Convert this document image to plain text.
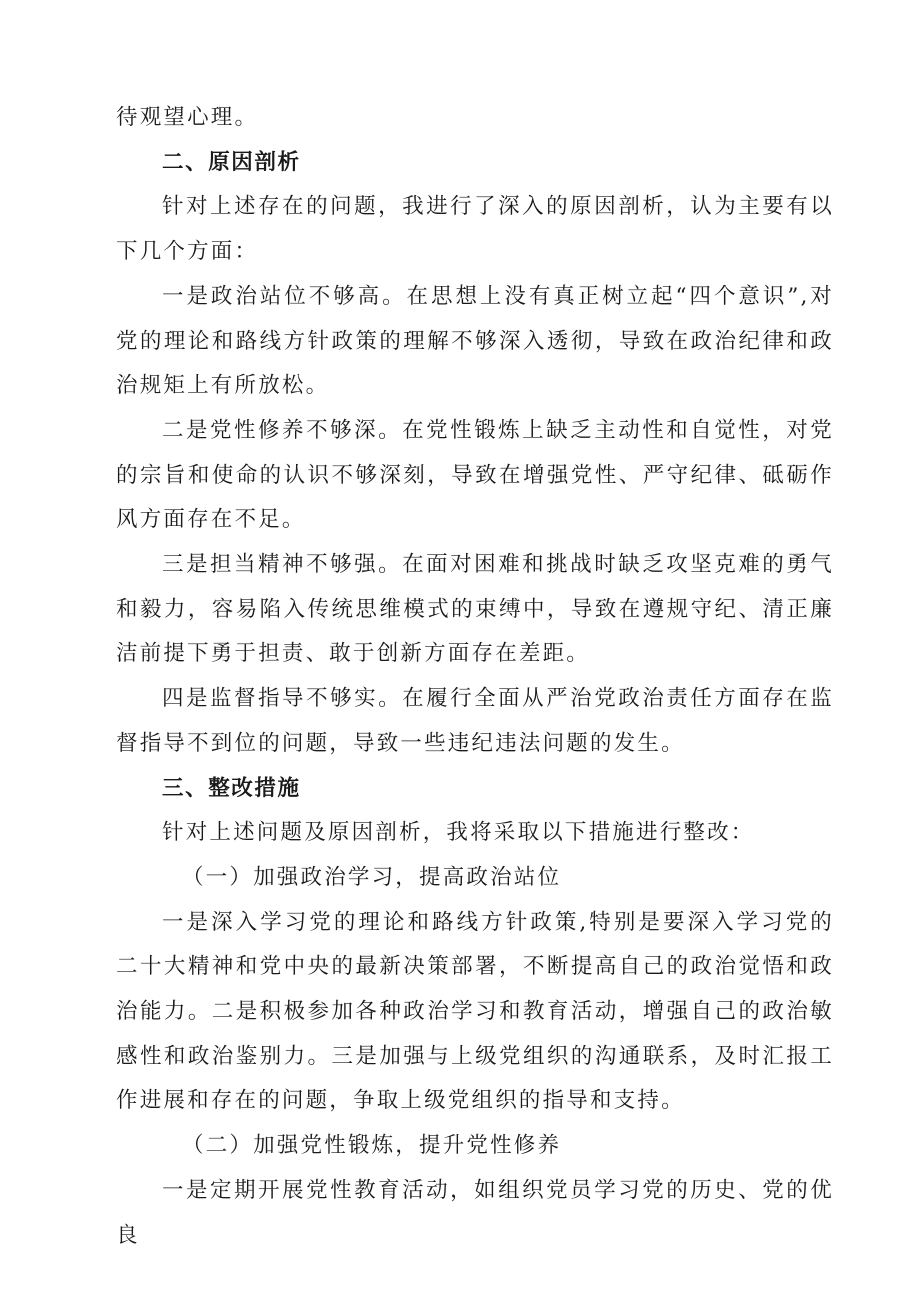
待观望心理。

二、原因剖析

针对上述存在的问题，我进行了深入的原因剖析，认为主要有以下几个方面：

一是政治站位不够高。在思想上没有真正树立起“四个意识”,对党的理论和路线方针政策的理解不够深入透彻，导致在政治纪律和政治规矩上有所放松。

二是党性修养不够深。在党性锻炼上缺乏主动性和自觉性，对党的宗旨和使命的认识不够深刻，导致在增强党性、严守纪律、砥砺作风方面存在不足。

三是担当精神不够强。在面对困难和挑战时缺乏攻坚克难的勇气和毅力，容易陷入传统思维模式的束缚中，导致在遵规守纪、清正廉洁前提下勇于担责、敢于创新方面存在差距。

四是监督指导不够实。在履行全面从严治党政治责任方面存在监督指导不到位的问题，导致一些违纪违法问题的发生。

三、整改措施

针对上述问题及原因剖析，我将采取以下措施进行整改：

（一）加强政治学习，提高政治站位

一是深入学习党的理论和路线方针政策,特别是要深入学习党的二十大精神和党中央的最新决策部署，不断提高自己的政治觉悟和政治能力。二是积极参加各种政治学习和教育活动，增强自己的政治敏感性和政治鉴别力。三是加强与上级党组织的沟通联系，及时汇报工作进展和存在的问题，争取上级党组织的指导和支持。

（二）加强党性锻炼，提升党性修养

一是定期开展党性教育活动，如组织党员学习党的历史、党的优良
